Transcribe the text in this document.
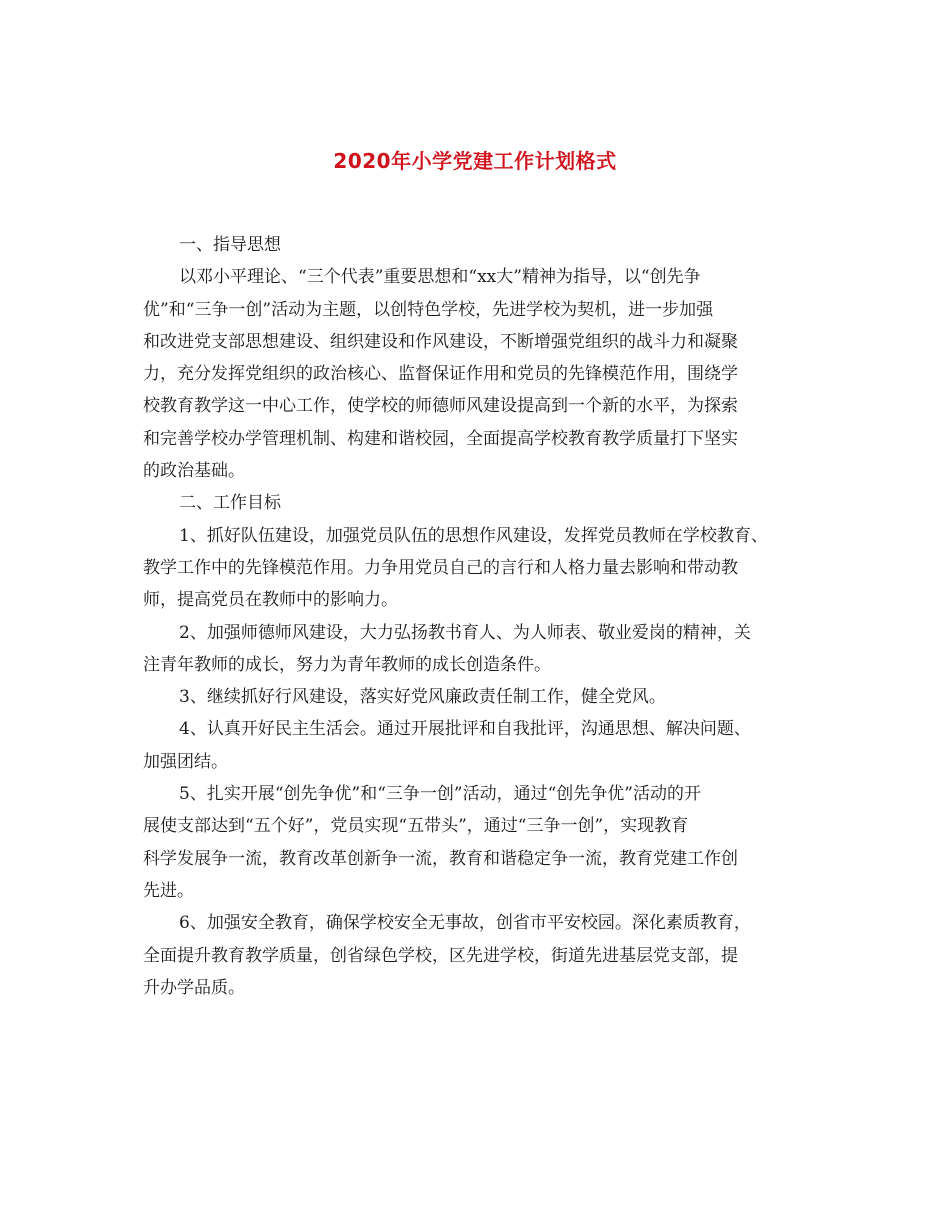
2020年小学党建工作计划格式
一、指导思想
以邓小平理论、“三个代表”重要思想和“xx大”精神为指导，以“创先争
优”和“三争一创”活动为主题，以创特色学校，先进学校为契机，进一步加强
和改进党支部思想建设、组织建设和作风建设，不断增强党组织的战斗力和凝聚
力，充分发挥党组织的政治核心、监督保证作用和党员的先锋模范作用，围绕学
校教育教学这一中心工作，使学校的师德师风建设提高到一个新的水平，为探索
和完善学校办学管理机制、构建和谐校园，全面提高学校教育教学质量打下坚实
的政治基础。
二、工作目标
1、抓好队伍建设，加强党员队伍的思想作风建设，发挥党员教师在学校教育、
教学工作中的先锋模范作用。力争用党员自己的言行和人格力量去影响和带动教
师，提高党员在教师中的影响力。
2、加强师德师风建设，大力弘扬教书育人、为人师表、敬业爱岗的精神，关
注青年教师的成长，努力为青年教师的成长创造条件。
3、继续抓好行风建设，落实好党风廉政责任制工作，健全党风。
4、认真开好民主生活会。通过开展批评和自我批评，沟通思想、解决问题、
加强团结。
5、扎实开展“创先争优”和“三争一创”活动，通过“创先争优”活动的开
展使支部达到“五个好”，党员实现“五带头”，通过“三争一创”，实现教育
科学发展争一流，教育改革创新争一流，教育和谐稳定争一流，教育党建工作创
先进。
6、加强安全教育，确保学校安全无事故，创省市平安校园。深化素质教育，
全面提升教育教学质量，创省绿色学校，区先进学校，街道先进基层党支部，提
升办学品质。
